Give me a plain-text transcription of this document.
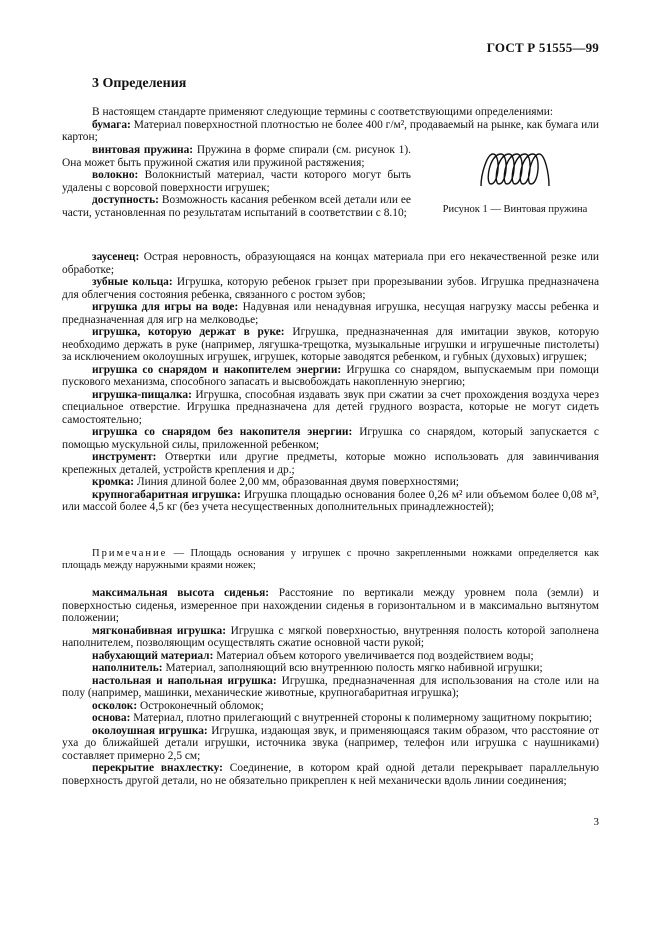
ГОСТ Р 51555—99
3 Определения

В настоящем стандарте применяют следующие термины с соответствующими определениями:

бумага: Материал поверхностной плотностью не более 400 г/м², продаваемый на рынке, как бумага или картон;

винтовая пружина: Пружина в форме спирали (см. рисунок 1). Она может быть пружиной сжатия или пружиной растяжения;

волокно: Волокнистый материал, части которого могут быть удалены с ворсовой поверхности игрушек;

доступность: Возможность касания ребенком всей детали или ее части, установленная по результатам испытаний в соответствии с 8.10;	Рисунок 1 — Винтовая пружина

заусенец: Острая неровность, образующаяся на концах материала при его некачественной резке или обработке;

зубные кольца: Игрушка, которую ребенок грызет при прорезывании зубов. Игрушка предназначена для облегчения состояния ребенка, связанного с ростом зубов;

игрушка для игры на воде: Надувная или ненадувная игрушка, несущая нагрузку массы ребенка и предназначенная для игр на мелководье;

игрушка, которую держат в руке: Игрушка, предназначенная для имитации звуков, которую необходимо держать в руке (например, лягушка-трещотка, музыкальные игрушки и игрушечные пистолеты) за исключением околоушных игрушек, игрушек, которые заводятся ребенком, и губных (духовых) игрушек;

игрушка со снарядом и накопителем энергии: Игрушка со снарядом, выпускаемым при помощи пускового механизма, способного запасать и высвобождать накопленную энергию;

игрушка-пищалка: Игрушка, способная издавать звук при сжатии за счет прохождения воздуха через специальное отверстие. Игрушка предназначена для детей грудного возраста, которые не могут сидеть самостоятельно;

игрушка со снарядом без накопителя энергии: Игрушка со снарядом, который запускается с помощью мускульной силы, приложенной ребенком;

инструмент: Отвертки или другие предметы, которые можно использовать для завинчивания крепежных деталей, устройств крепления и др.;

кромка: Линия длиной более 2,00 мм, образованная двумя поверхностями;

крупногабаритная игрушка: Игрушка площадью основания более 0,26 м² или объемом более 0,08 м³, или массой более 4,5 кг (без учета несущественных дополнительных принадлежностей);

Примечание — Площадь основания у игрушек с прочно закрепленными ножками определяется как площадь между наружными краями ножек;

максимальная высота сиденья: Расстояние по вертикали между уровнем пола (земли) и поверхностью сиденья, измеренное при нахождении сиденья в горизонтальном и в максимально вытянутом положении;

мягконабивная игрушка: Игрушка с мягкой поверхностью, внутренняя полость которой заполнена наполнителем, позволяющим осуществлять сжатие основной части рукой;

набухающий материал: Материал объем которого увеличивается под воздействием воды;

наполнитель: Материал, заполняющий всю внутреннюю полость мягко набивной игрушки;

настольная и напольная игрушка: Игрушка, предназначенная для использования на столе или на полу (например, машинки, механические животные, крупногабаритная игрушка);

осколок: Остроконечный обломок;

основа: Материал, плотно прилегающий с внутренней стороны к полимерному защитному покрытию;

околоушная игрушка: Игрушка, издающая звук, и применяющаяся таким образом, что расстояние от уха до ближайшей детали игрушки, источника звука (например, телефон или игрушка с наушниками) составляет примерно 2,5 см;

перекрытие внахлестку: Соединение, в котором край одной детали перекрывает параллельную поверхность другой детали, но не обязательно прикреплен к ней механически вдоль линии соединения;

3
